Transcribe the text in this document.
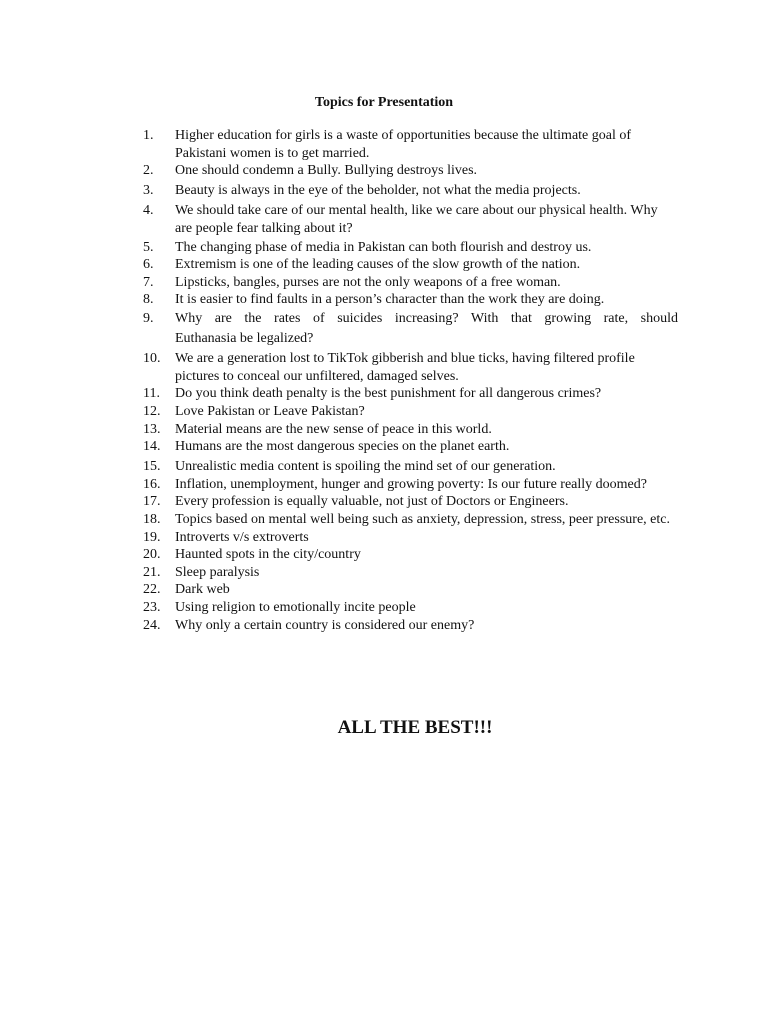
Topics for Presentation
1.	Higher education for girls is a waste of opportunities because the ultimate goal of Pakistani women is to get married.
2.	One should condemn a Bully. Bullying destroys lives.
3.	Beauty is always in the eye of the beholder, not what the media projects.
4.	We should take care of our mental health, like we care about our physical health. Why are people fear talking about it?
5.	The changing phase of media in Pakistan can both flourish and destroy us.
6.	Extremism is one of the leading causes of the slow growth of the nation.
7.	Lipsticks, bangles, purses are not the only weapons of a free woman.
8.	It is easier to find faults in a person’s character than the work they are doing.
9.	Why are the rates of suicides increasing? With that growing rate, should
Euthanasia be legalized?
10.	We are a generation lost to TikTok gibberish and blue ticks, having filtered profile pictures to conceal our unfiltered, damaged selves.
11.	Do you think death penalty is the best punishment for all dangerous crimes?
12.	Love Pakistan or Leave Pakistan?
13.	Material means are the new sense of peace in this world.
14.	Humans are the most dangerous species on the planet earth.
15.	Unrealistic media content is spoiling the mind set of our generation.
16.	Inflation, unemployment, hunger and growing poverty: Is our future really doomed?
17.	Every profession is equally valuable, not just of Doctors or Engineers.
18.	Topics based on mental well being such as anxiety, depression, stress, peer pressure, etc.
19.	Introverts v/s extroverts
20.	Haunted spots in the city/country
21.	Sleep paralysis
22.	Dark web
23.	Using religion to emotionally incite people
24.	Why only a certain country is considered our enemy?
ALL THE BEST!!!
